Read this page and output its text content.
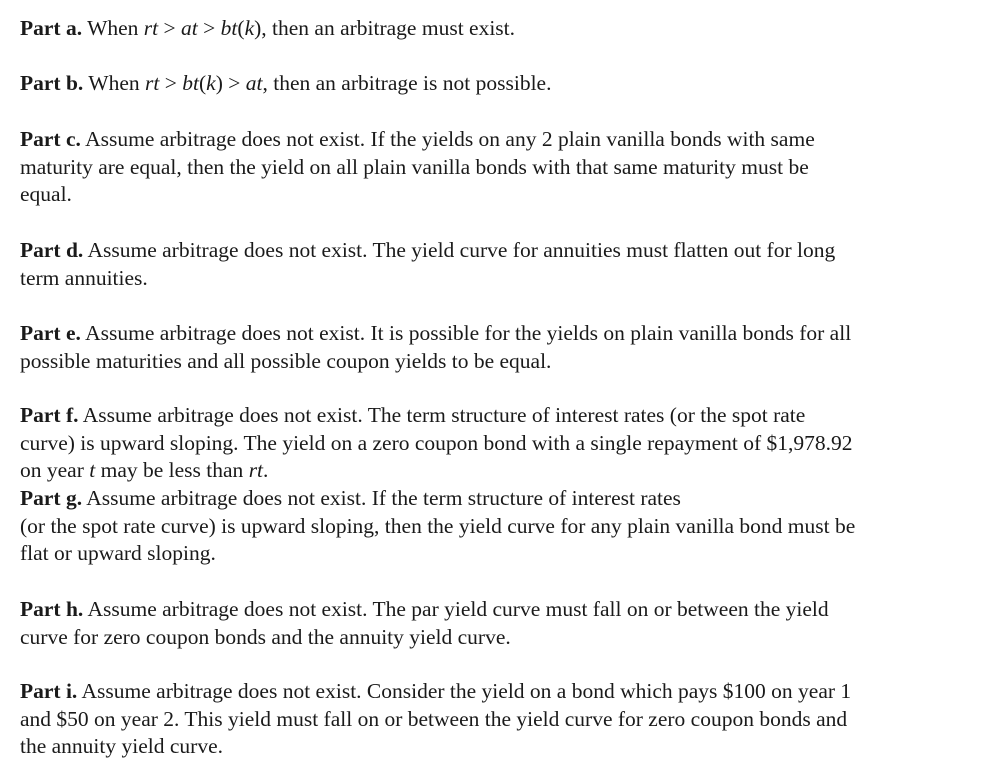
Part a. When rt > at > bt(k), then an arbitrage must exist.

Part b. When rt > bt(k) > at, then an arbitrage is not possible.

Part c. Assume arbitrage does not exist. If the yields on any 2 plain vanilla bonds with same
maturity are equal, then the yield on all plain vanilla bonds with that same maturity must be
equal.

Part d. Assume arbitrage does not exist. The yield curve for annuities must flatten out for long
term annuities.

Part e. Assume arbitrage does not exist. It is possible for the yields on plain vanilla bonds for all
possible maturities and all possible coupon yields to be equal.

Part f. Assume arbitrage does not exist. The term structure of interest rates (or the spot rate
curve) is upward sloping. The yield on a zero coupon bond with a single repayment of $1,978.92
on year t may be less than rt.

Part g. Assume arbitrage does not exist. If the term structure of interest rates
(or the spot rate curve) is upward sloping, then the yield curve for any plain vanilla bond must be
flat or upward sloping.

Part h. Assume arbitrage does not exist. The par yield curve must fall on or between the yield
curve for zero coupon bonds and the annuity yield curve.

Part i. Assume arbitrage does not exist. Consider the yield on a bond which pays $100 on year 1
and $50 on year 2. This yield must fall on or between the yield curve for zero coupon bonds and
the annuity yield curve.
